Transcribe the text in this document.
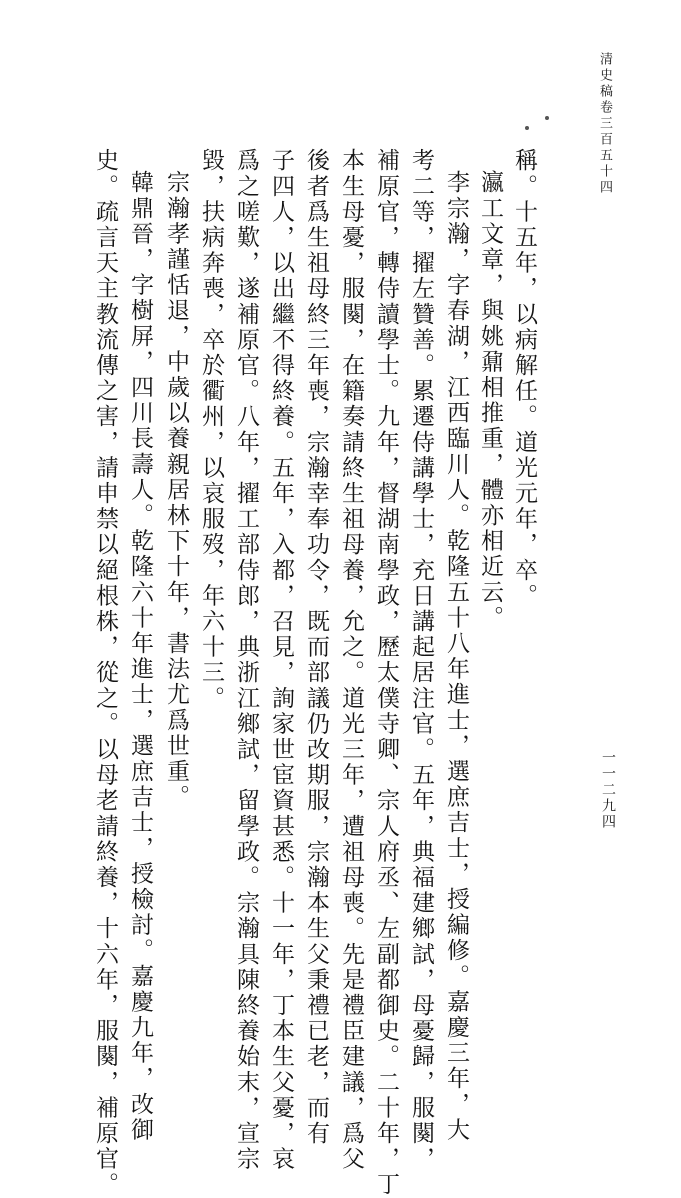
清史稿卷三百五十四
一一二九四
稱。十五年，以病解任。道光元年，卒。
瀛工文章，與姚鼐相推重，體亦相近云。
李宗瀚，字春湖，江西臨川人。乾隆五十八年進士，選庶吉士，授編修。嘉慶三年，大
考二等，擢左贊善。累遷侍講學士，充日講起居注官。五年，典福建鄉試，母憂歸，服闋，
補原官，轉侍讀學士。九年，督湖南學政，歷太僕寺卿、宗人府丞、左副都御史。二十年，丁
本生母憂，服闋，在籍奏請終生祖母養，允之。道光三年，遭祖母喪。先是禮臣建議，爲父
後者爲生祖母終三年喪，宗瀚幸奉功令，既而部議仍改期服，宗瀚本生父秉禮已老，而有
子四人，以出繼不得終養。五年，入都，召見，詢家世宦資甚悉。十一年，丁本生父憂，哀
爲之嗟歎，遂補原官。八年，擢工部侍郎，典浙江鄉試，留學政。宗瀚具陳終養始末，宣宗
毀，扶病奔喪，卒於衢州，以哀服歿，年六十三。
宗瀚孝謹恬退，中歲以養親居林下十年，書法尤爲世重。
韓鼎晉，字樹屏，四川長壽人。乾隆六十年進士，選庶吉士，授檢討。嘉慶九年，改御
史。疏言天主教流傳之害，請申禁以絕根株，從之。以母老請終養，十六年，服闋，補原官。
